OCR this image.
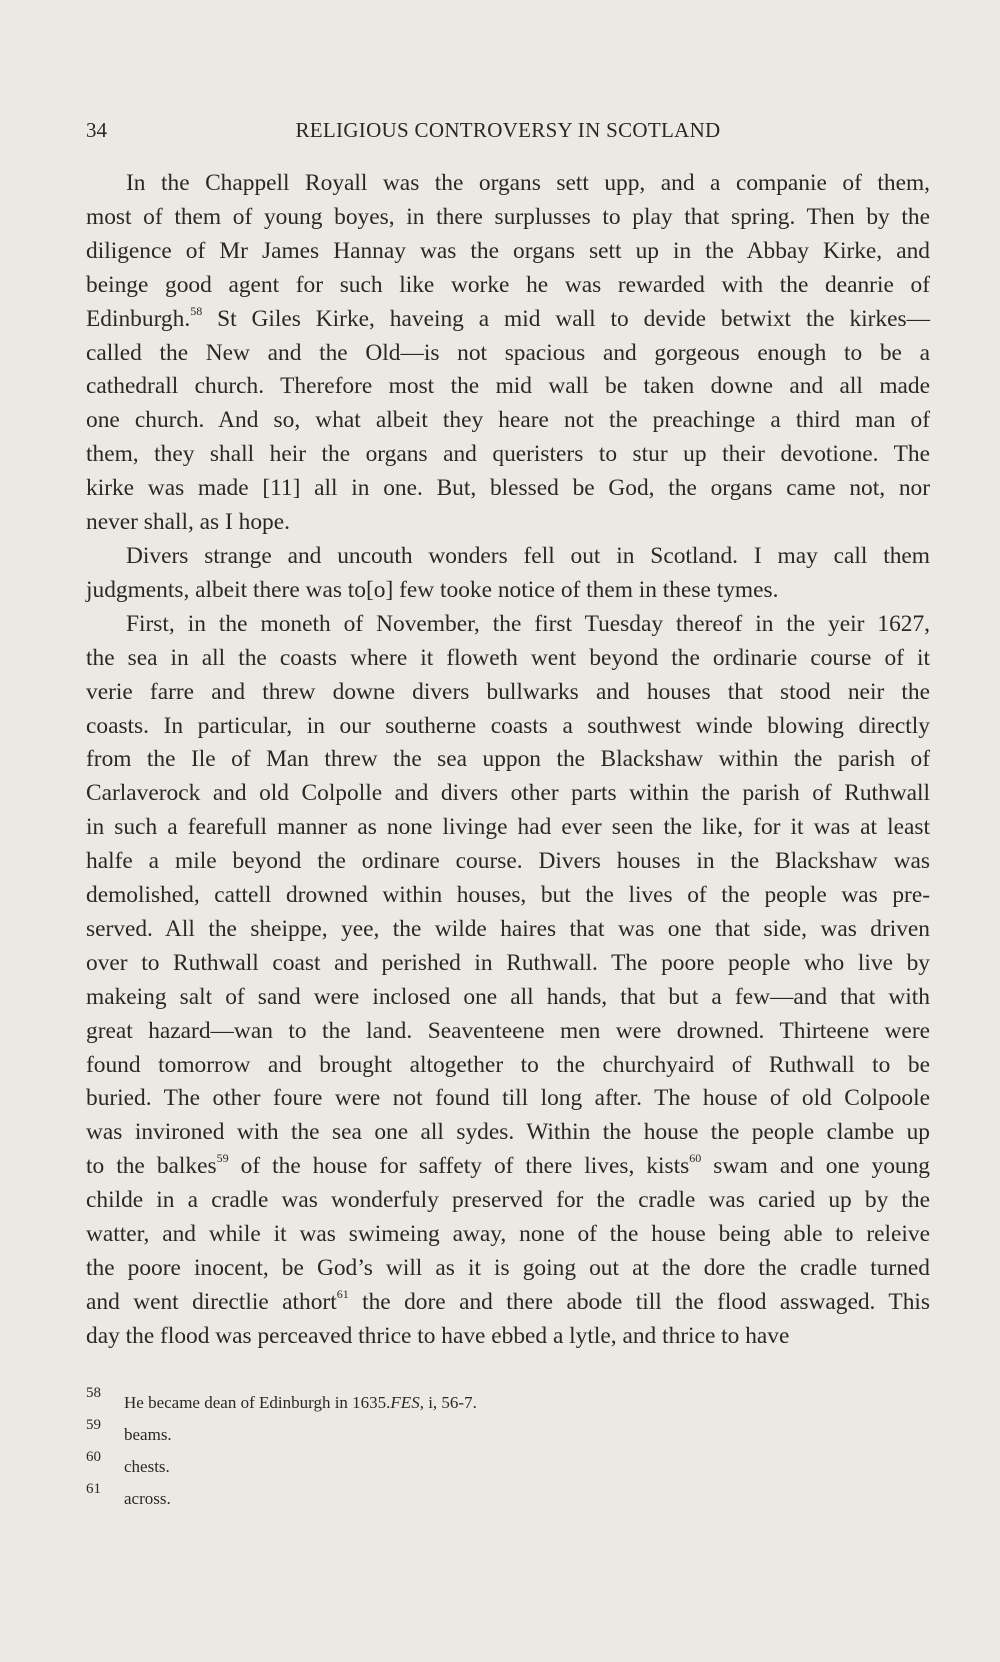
34	RELIGIOUS CONTROVERSY IN SCOTLAND
In the Chappell Royall was the organs sett upp, and a companie of them,
most of them of young boyes, in there surplusses to play that spring. Then by the
diligence of Mr James Hannay was the organs sett up in the Abbay Kirke, and
beinge good agent for such like worke he was rewarded with the deanrie of
Edinburgh.$^{58}$ St Giles Kirke, haveing a mid wall to devide betwixt the kirkes—
called the New and the Old—is not spacious and gorgeous enough to be a
cathedrall church. Therefore most the mid wall be taken downe and all made
one church. And so, what albeit they heare not the preachinge a third man of
them, they shall heir the organs and queristers to stur up their devotione. The
kirke was made [11] all in one. But, blessed be God, the organs came not, nor
never shall, as I hope.
Divers strange and uncouth wonders fell out in Scotland. I may call them
judgments, albeit there was to[o] few tooke notice of them in these tymes.
First, in the moneth of November, the first Tuesday thereof in the yeir 1627,
the sea in all the coasts where it floweth went beyond the ordinarie course of it
verie farre and threw downe divers bullwarks and houses that stood neir the
coasts. In particular, in our southerne coasts a southwest winde blowing directly
from the Ile of Man threw the sea uppon the Blackshaw within the parish of
Carlaverock and old Colpolle and divers other parts within the parish of Ruthwall
in such a fearefull manner as none livinge had ever seen the like, for it was at least
halfe a mile beyond the ordinare course. Divers houses in the Blackshaw was
demolished, cattell drowned within houses, but the lives of the people was pre-
served. All the sheippe, yee, the wilde haires that was one that side, was driven
over to Ruthwall coast and perished in Ruthwall. The poore people who live by
makeing salt of sand were inclosed one all hands, that but a few—and that with
great hazard—wan to the land. Seaventeene men were drowned. Thirteene were
found tomorrow and brought altogether to the churchyaird of Ruthwall to be
buried. The other foure were not found till long after. The house of old Colpoole
was invironed with the sea one all sydes. Within the house the people clambe up
to the balkes$^{59}$ of the house for saffety of there lives, kists$^{60}$ swam and one young
childe in a cradle was wonderfuly preserved for the cradle was caried up by the
watter, and while it was swimeing away, none of the house being able to releive
the poore inocent, be God’s will as it is going out at the dore the cradle turned
and went directlie athort$^{61}$ the dore and there abode till the flood asswaged. This
day the flood was perceaved thrice to have ebbed a lytle, and thrice to have
58 He became dean of Edinburgh in 1635.FES, i, 56-7.
59 beams.
60 chests.
61 across.
